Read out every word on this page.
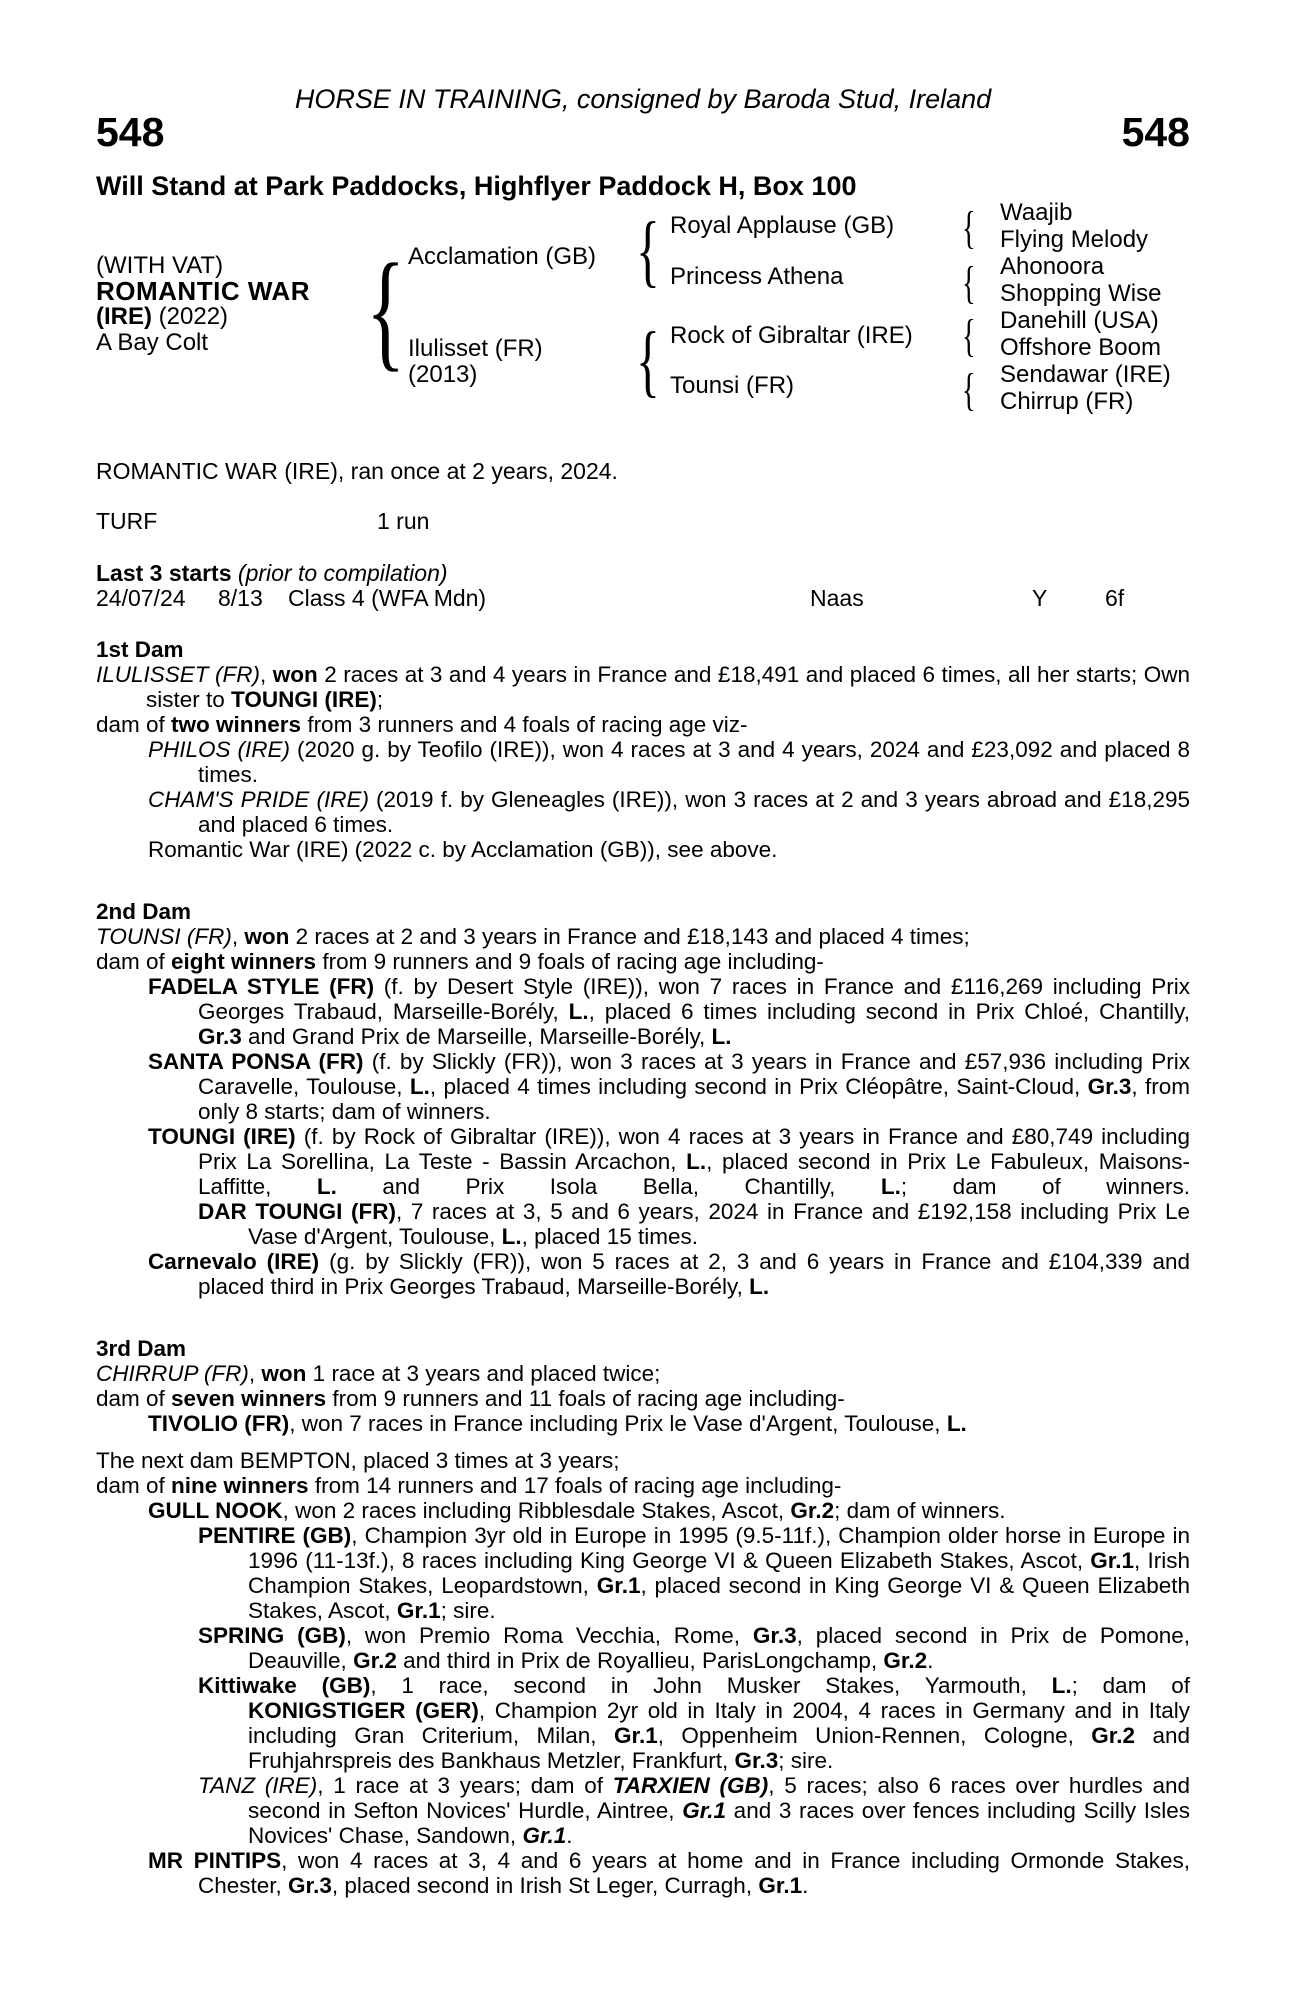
HORSE IN TRAINING, consigned by Baroda Stud, Ireland
548	548
Will Stand at Park Paddocks, Highflyer Paddock H, Box 100
(WITH VAT)
ROMANTIC WAR
(IRE) (2022)
A Bay Colt	{	{
{
{
{
{
{
Acclamation (GB)
Ilulisset (FR)
(2013)
Royal Applause (GB)
Princess Athena
Rock of Gibraltar (IRE)
Tounsi (FR)
Waajib
Flying Melody
Ahonoora
Shopping Wise
Danehill (USA)
Offshore Boom
Sendawar (IRE)
Chirrup (FR)
ROMANTIC WAR (IRE), ran once at 2 years, 2024.
TURF	1 run
Last 3 starts (prior to compilation)
24/07/24 8/13 Class 4 (WFA Mdn)	Naas	Y	6f
1st Dam

ILULISSET (FR), won 2 races at 3 and 4 years in France and £18,491 and placed 6 times, all her starts; Own sister to TOUNGI (IRE);

dam of two winners from 3 runners and 4 foals of racing age viz-

PHILOS (IRE) (2020 g. by Teofilo (IRE)), won 4 races at 3 and 4 years, 2024 and £23,092 and placed 8 times.

CHAM'S PRIDE (IRE) (2019 f. by Gleneagles (IRE)), won 3 races at 2 and 3 years abroad and £18,295 and placed 6 times.

Romantic War (IRE) (2022 c. by Acclamation (GB)), see above.

2nd Dam

TOUNSI (FR), won 2 races at 2 and 3 years in France and £18,143 and placed 4 times;

dam of eight winners from 9 runners and 9 foals of racing age including-

FADELA STYLE (FR) (f. by Desert Style (IRE)), won 7 races in France and £116,269 including Prix Georges Trabaud, Marseille-Borély, L., placed 6 times including second in Prix Chloé, Chantilly, Gr.3 and Grand Prix de Marseille, Marseille-Borély, L.

SANTA PONSA (FR) (f. by Slickly (FR)), won 3 races at 3 years in France and £57,936 including Prix Caravelle, Toulouse, L., placed 4 times including second in Prix Cléopâtre, Saint-Cloud, Gr.3, from only 8 starts; dam of winners.

TOUNGI (IRE) (f. by Rock of Gibraltar (IRE)), won 4 races at 3 years in France and £80,749 including Prix La Sorellina, La Teste - Bassin Arcachon, L., placed second in Prix Le Fabuleux, Maisons-Laffitte, L. and Prix Isola Bella, Chantilly, L.; dam of winners.

DAR TOUNGI (FR), 7 races at 3, 5 and 6 years, 2024 in France and £192,158 including Prix Le Vase d'Argent, Toulouse, L., placed 15 times.

Carnevalo (IRE) (g. by Slickly (FR)), won 5 races at 2, 3 and 6 years in France and £104,339 and placed third in Prix Georges Trabaud, Marseille-Borély, L.

3rd Dam

CHIRRUP (FR), won 1 race at 3 years and placed twice;

dam of seven winners from 9 runners and 11 foals of racing age including-

TIVOLIO (FR), won 7 races in France including Prix le Vase d'Argent, Toulouse, L.

The next dam BEMPTON, placed 3 times at 3 years;

dam of nine winners from 14 runners and 17 foals of racing age including-

GULL NOOK, won 2 races including Ribblesdale Stakes, Ascot, Gr.2; dam of winners.

PENTIRE (GB), Champion 3yr old in Europe in 1995 (9.5-11f.), Champion older horse in Europe in 1996 (11-13f.), 8 races including King George VI & Queen Elizabeth Stakes, Ascot, Gr.1, Irish Champion Stakes, Leopardstown, Gr.1, placed second in King George VI & Queen Elizabeth Stakes, Ascot, Gr.1; sire.

SPRING (GB), won Premio Roma Vecchia, Rome, Gr.3, placed second in Prix de Pomone, Deauville, Gr.2 and third in Prix de Royallieu, ParisLongchamp, Gr.2.

Kittiwake (GB), 1 race, second in John Musker Stakes, Yarmouth, L.; dam of

KONIGSTIGER (GER), Champion 2yr old in Italy in 2004, 4 races in Germany and in Italy including Gran Criterium, Milan, Gr.1, Oppenheim Union-Rennen, Cologne, Gr.2 and Fruhjahrspreis des Bankhaus Metzler, Frankfurt, Gr.3; sire.

TANZ (IRE), 1 race at 3 years; dam of TARXIEN (GB), 5 races; also 6 races over hurdles and second in Sefton Novices' Hurdle, Aintree, Gr.1 and 3 races over fences including Scilly Isles Novices' Chase, Sandown, Gr.1.

MR PINTIPS, won 4 races at 3, 4 and 6 years at home and in France including Ormonde Stakes, Chester, Gr.3, placed second in Irish St Leger, Curragh, Gr.1.
